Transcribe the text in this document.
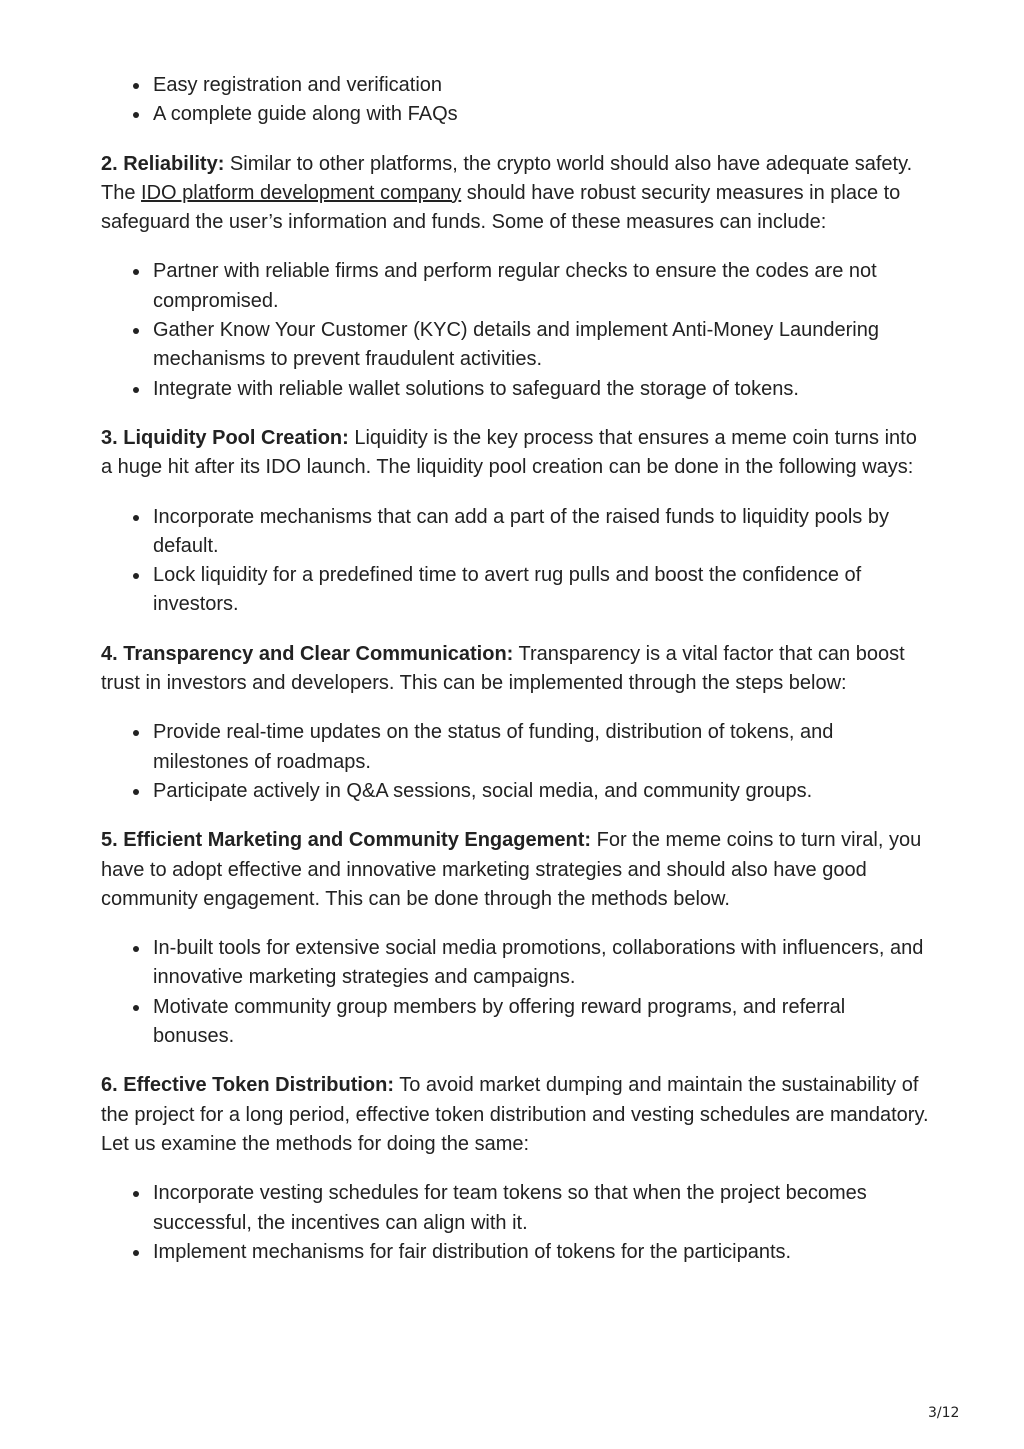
Easy registration and verification
A complete guide along with FAQs

2. Reliability: Similar to other platforms, the crypto world should also have adequate safety. The IDO platform development company should have robust security measures in place to safeguard the user’s information and funds. Some of these measures can include:

Partner with reliable firms and perform regular checks to ensure the codes are not compromised.
Gather Know Your Customer (KYC) details and implement Anti-Money Laundering mechanisms to prevent fraudulent activities.
Integrate with reliable wallet solutions to safeguard the storage of tokens.

3. Liquidity Pool Creation: Liquidity is the key process that ensures a meme coin turns into a huge hit after its IDO launch. The liquidity pool creation can be done in the following ways:

Incorporate mechanisms that can add a part of the raised funds to liquidity pools by default.
Lock liquidity for a predefined time to avert rug pulls and boost the confidence of investors.

4. Transparency and Clear Communication: Transparency is a vital factor that can boost trust in investors and developers. This can be implemented through the steps below:

Provide real-time updates on the status of funding, distribution of tokens, and milestones of roadmaps.
Participate actively in Q&A sessions, social media, and community groups.

5. Efficient Marketing and Community Engagement: For the meme coins to turn viral, you have to adopt effective and innovative marketing strategies and should also have good community engagement. This can be done through the methods below.

In-built tools for extensive social media promotions, collaborations with influencers, and innovative marketing strategies and campaigns.
Motivate community group members by offering reward programs, and referral bonuses.

6. Effective Token Distribution: To avoid market dumping and maintain the sustainability of the project for a long period, effective token distribution and vesting schedules are mandatory. Let us examine the methods for doing the same:

Incorporate vesting schedules for team tokens so that when the project becomes successful, the incentives can align with it.
Implement mechanisms for fair distribution of tokens for the participants.
3/12
